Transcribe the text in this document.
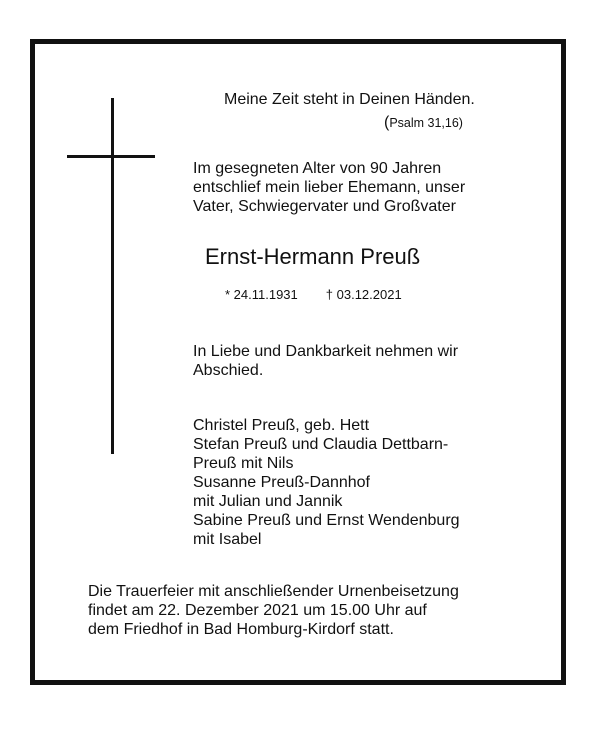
Meine Zeit steht in Deinen Händen.

(Psalm 31,16)

Im gesegneten Alter von 90 Jahren
entschlief mein lieber Ehemann, unser
Vater, Schwiegervater und Großvater

Ernst-Hermann Preuß

* 24.11.1931 † 03.12.2021

In Liebe und Dankbarkeit nehmen wir
Abschied.
Christel Preuß, geb. Hett
Stefan Preuß und Claudia Dettbarn-
Preuß mit Nils
Susanne Preuß-Dannhof
mit Julian und Jannik
Sabine Preuß und Ernst Wendenburg
mit Isabel
Die Trauerfeier mit anschließender Urnenbeisetzung
findet am 22. Dezember 2021 um 15.00 Uhr auf
dem Friedhof in Bad Homburg-Kirdorf statt.
